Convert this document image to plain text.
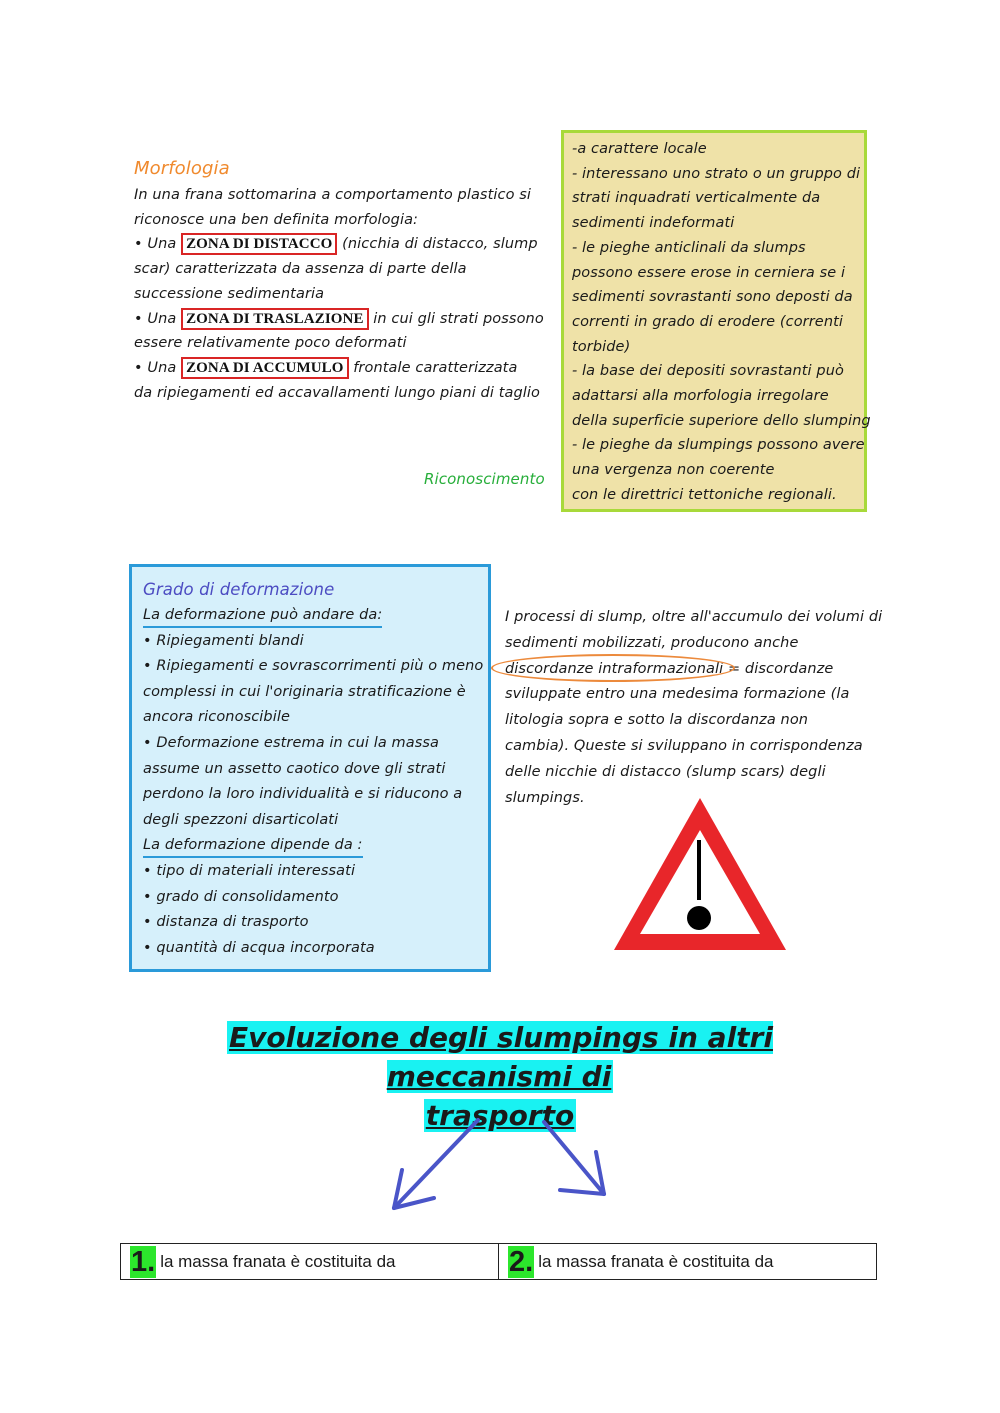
Morfologia
In una frana sottomarina a comportamento plastico si
riconosce una ben definita morfologia:
• Una ZONA DI DISTACCO (nicchia di distacco, slump
scar) caratterizzata da assenza di parte della
successione sedimentaria
• Una ZONA DI TRASLAZIONE in cui gli strati possono
essere relativamente poco deformati
• Una ZONA DI ACCUMULO frontale caratterizzata
da ripiegamenti ed accavallamenti lungo piani di taglio
Riconoscimento
-a carattere locale
- interessano uno strato o un gruppo di
strati inquadrati verticalmente da
sedimenti indeformati
- le pieghe anticlinali da slumps
possono essere erose in cerniera se i
sedimenti sovrastanti sono deposti da
correnti in grado di erodere (correnti
torbide)
- la base dei depositi sovrastanti può
adattarsi alla morfologia irregolare
della superficie superiore dello slumping
- le pieghe da slumpings possono avere
una vergenza non coerente
con le direttrici tettoniche regionali.
Grado di deformazione
La deformazione può andare da:
• Ripiegamenti blandi
• Ripiegamenti e sovrascorrimenti più o meno
complessi in cui l'originaria stratificazione è
ancora riconoscibile
• Deformazione estrema in cui la massa
assume un assetto caotico dove gli strati
perdono la loro individualità e si riducono a
degli spezzoni disarticolati
La deformazione dipende da :
• tipo di materiali interessati
• grado di consolidamento
• distanza di trasporto
• quantità di acqua incorporata
I processi di slump, oltre all'accumulo dei volumi di
sedimenti mobilizzati, producono anche
discordanze intraformazionali = discordanze
sviluppate entro una medesima formazione (la
litologia sopra e sotto la discordanza non
cambia). Queste si sviluppano in corrispondenza
delle nicchie di distacco (slump scars) degli
slumpings.
Evoluzione degli slumpings in altri meccanismi di
trasporto
1. la massa franata è costituita da	2. la massa franata è costituita da
